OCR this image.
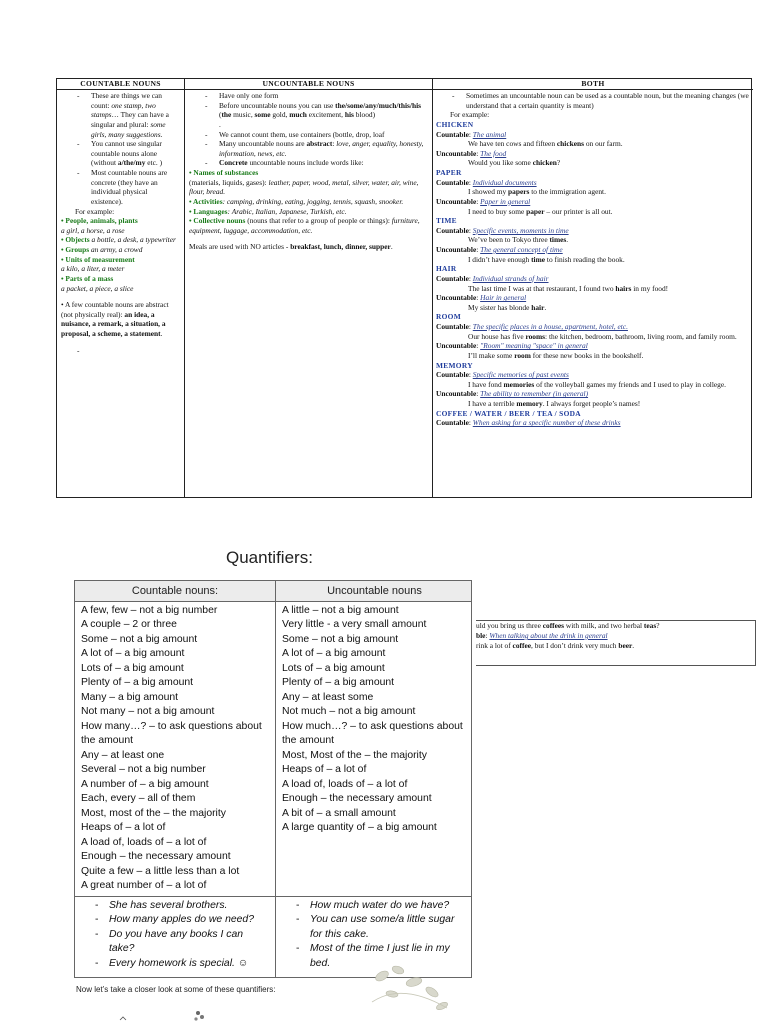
COUNTABLE NOUNS
- These are things we can count: one stamp, two stamps… They can have a singular and plural: some girls, many suggestions.
- You cannot use singular countable nouns alone (without a/the/my etc. )
- Most countable nouns are concrete (they have an individual physical existence).
For example:
• People, animals, plants
a girl, a horse, a rose
• Objects a bottle, a desk, a typewriter
• Groups an army, a crowd
• Units of measurement
a kilo, a liter, a meter
• Parts of a mass
a packet, a piece, a slice
• A few countable nouns are abstract (not physically real): an idea, a nuisance, a remark, a situation, a proposal, a scheme, a statement.
-
UNCOUNTABLE NOUNS
- Have only one form
- Before uncountable nouns you can use the/some/any/much/this/his (the music, some gold, much excitement, his blood)
.
- We cannot count them, use containers (bottle, drop, loaf
- Many uncountable nouns are abstract: love, anger, equality, honesty, information, news, etc.
- Concrete uncountable nouns include words like:
• Names of substances
(materials, liquids, gases): leather, paper, wood, metal, silver, water, air, wine, flour, bread.
• Activities: camping, drinking, eating, jogging, tennis, squash, snooker.
• Languages: Arabic, Italian, Japanese, Turkish, etc.
• Collective nouns (nouns that refer to a group of people or things): furniture, equipment, luggage, accommodation, etc.
Meals are used with NO articles - breakfast, lunch, dinner, supper.
BOTH
- Sometimes an uncountable noun can be used as a countable noun, but the meaning changes (we understand that a certain quantity is meant)
For example:
CHICKEN
Countable: The animal
We have ten cows and fifteen chickens on our farm.
Uncountable: The food
Would you like some chicken?
PAPER
Countable: Individual documents
I showed my papers to the immigration agent.
Uncountable: Paper in general
I need to buy some paper – our printer is all out.
TIME
Countable: Specific events, moments in time
We’ve been to Tokyo three times.
Uncountable: The general concept of time
I didn’t have enough time to finish reading the book.
HAIR
Countable: Individual strands of hair
The last time I was at that restaurant, I found two hairs in my food!
Uncountable: Hair in general
My sister has blonde hair.
ROOM
Countable: The specific places in a house, apartment, hotel, etc.
Our house has five rooms: the kitchen, bedroom, bathroom, living room, and family room.
Uncountable: "Room" meaning "space" in general
I’ll make some room for these new books in the bookshelf.
MEMORY
Countable: Specific memories of past events
I have fond memories of the volleyball games my friends and I used to play in college.
Uncountable: The ability to remember (in general)
I have a terrible memory. I always forget people’s names!
COFFEE / WATER / BEER / TEA / SODA
Countable: When asking for a specific number of these drinks
uld you bring us three coffees with milk, and two herbal teas?
ble: When talking about the drink in general
rink a lot of coffee, but I don’t drink very much beer.
Quantifiers:
Countable nouns:	Uncountable nouns
A few, few – not a big number
A couple – 2 or three
Some – not a big amount
A lot of – a big amount
Lots of – a big amount
Plenty of – a big amount
Many – a big amount
Not many – not a big amount
How many…? – to ask questions about the amount
Any – at least one
Several – not a big number
A number of – a big amount
Each, every – all of them
Most, most of the – the majority
Heaps of – a lot of
A load of, loads of – a lot of
Enough – the necessary amount
Quite a few – a little less than a lot
A great number of – a lot of
A little – not a big amount
Very little - a very small amount
Some – not a big amount
A lot of – a big amount
Lots of – a big amount
Plenty of – a big amount
Any – at least some
Not much – not a big amount
How much…? – to ask questions about the amount
Most, Most of the – the majority
Heaps of – a lot of
A load of, loads of – a lot of
Enough – the necessary amount
A bit of – a small amount
A large quantity of – a big amount
- She has several brothers.
- How many apples do we need?
- Do you have any books I can take?
- Every homework is special. ☺
- How much water do we have?
- You can use some/a little sugar for this cake.
- Most of the time I just lie in my bed.
Now let’s take a closer look at some of these quantifiers:
